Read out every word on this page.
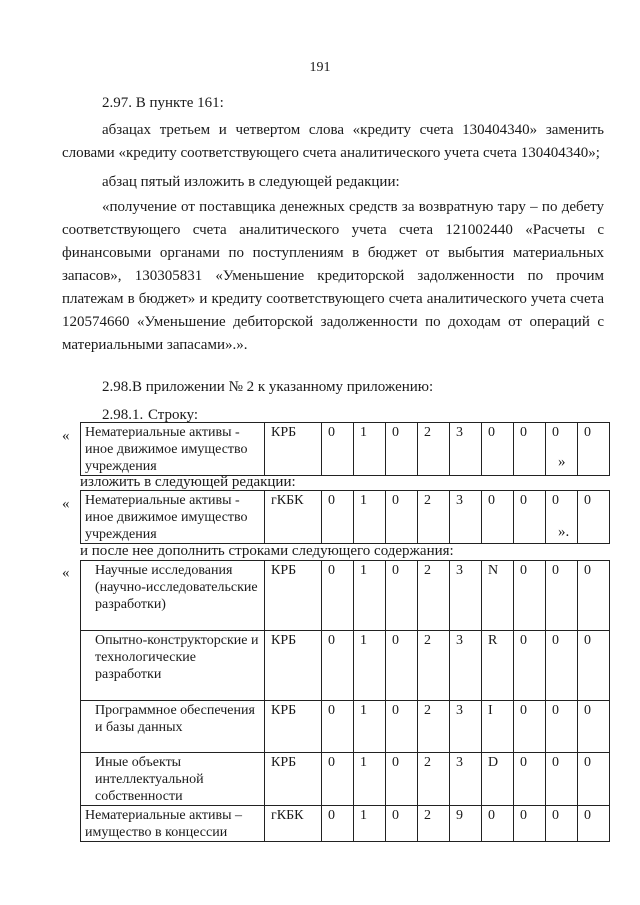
191
2.97. В пункте 161:
абзацах третьем и четвертом слова «кредиту счета 130404340» заменить словами «кредиту соответствующего счета аналитического учета счета 130404340»;
абзац пятый изложить в следующей редакции:
«получение от поставщика денежных средств за возвратную тару – по дебету соответствующего счета аналитического учета счета 121002440 «Расчеты с финансовыми органами по поступлениям в бюджет от выбытия материальных запасов», 130305831 «Уменьшение кредиторской задолженности по прочим платежам в бюджет» и кредиту соответствующего счета аналитического учета счета 120574660 «Уменьшение дебиторской задолженности по доходам от операций с материальными запасами».».
2.98.В приложении № 2 к указанному приложению:
2.98.1. Строку:
« Нематериальные активы - иное движимое имущество учреждения	КРБ	0	1	0	2	3	0	0	0	0
»
изложить в следующей редакции:
« Нематериальные активы - иное движимое имущество учреждения	гКБК	0	1	0	2	3	0	0	0	0
».
и после нее дополнить строками следующего содержания:
« Научные исследования (научно-исследовательские разработки)	КРБ	0	1	0	2	3	N	0	0	0
Опытно-конструкторские и технологические разработки	КРБ	0	1	0	2	3	R	0	0	0
Программное обеспечения и базы данных	КРБ	0	1	0	2	3	I	0	0	0
Иные объекты интеллектуальной собственности	КРБ	0	1	0	2	3	D	0	0	0
Нематериальные активы – имущество в концессии	гКБК	0	1	0	2	9	0	0	0	0
